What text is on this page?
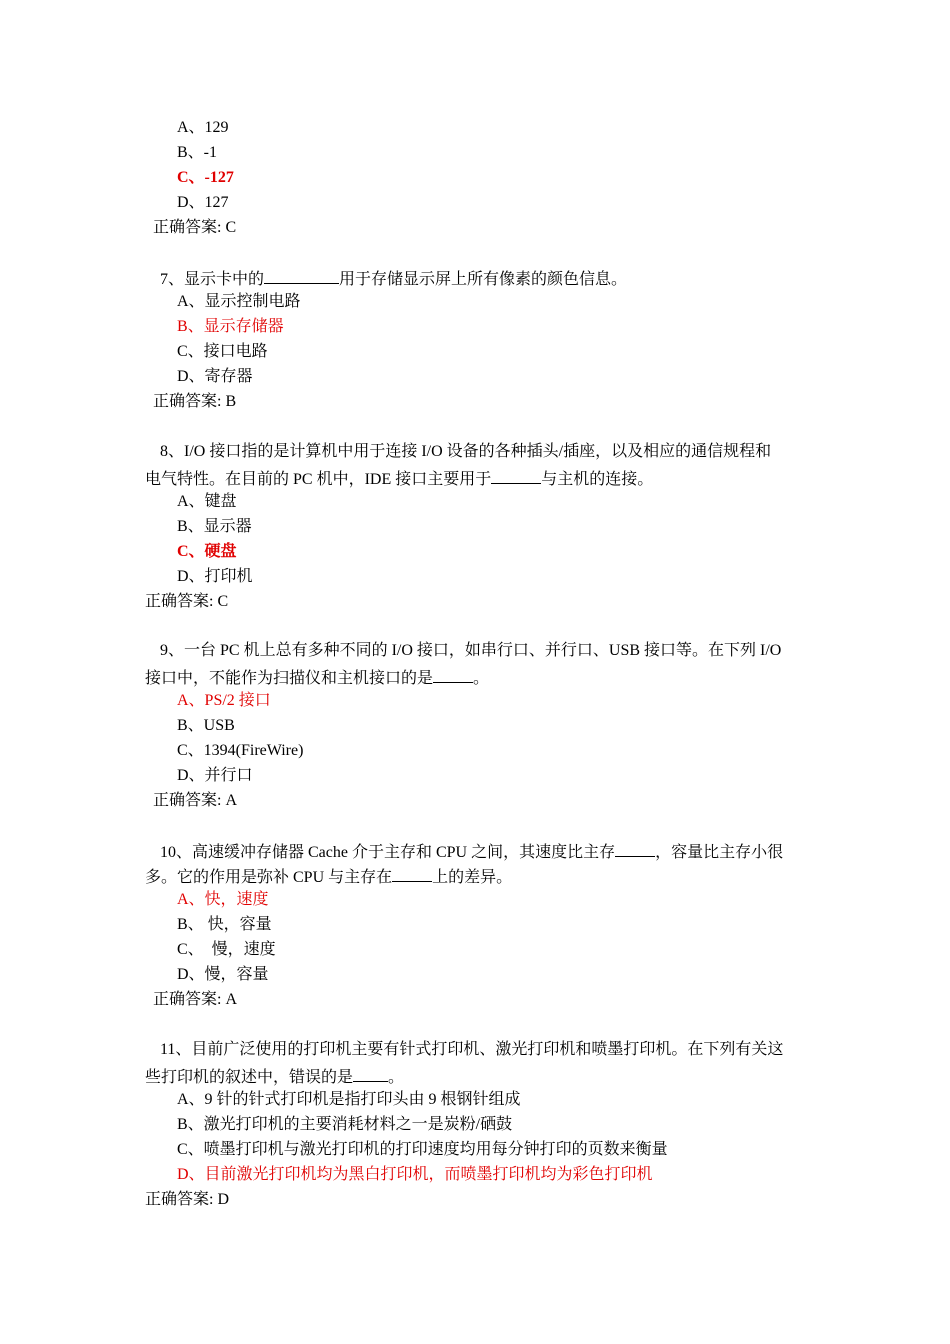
A、129
B、-1
C、-127
D、127
正确答案: C
7、显示卡中的	用于存储显示屏上所有像素的颜色信息。
A、显示控制电路
B、显示存储器
C、接口电路
D、寄存器
正确答案: B
8、I/O 接口指的是计算机中用于连接 I/O 设备的各种插头/插座，以及相应的通信规程和
电气特性。在目前的 PC 机中，IDE 接口主要用于	与主机的连接。
A、键盘
B、显示器
C、硬盘
D、打印机
正确答案: C
9、一台 PC 机上总有多种不同的 I/O 接口，如串行口、并行口、USB 接口等。在下列 I/O
接口中，不能作为扫描仪和主机接口的是	。
A、PS/2 接口
B、USB
C、1394(FireWire)
D、并行口
正确答案: A
10、高速缓冲存储器 Cache 介于主存和 CPU 之间，其速度比主存	，容量比主存小很
多。它的作用是弥补 CPU 与主存在	上的差异。
A、快，速度
B、 快，容量
C、  慢，速度
D、慢，容量
正确答案: A
11、目前广泛使用的打印机主要有针式打印机、激光打印机和喷墨打印机。在下列有关这
些打印机的叙述中，错误的是 。
A、9 针的针式打印机是指打印头由 9 根钢针组成
B、激光打印机的主要消耗材料之一是炭粉/硒鼓
C、喷墨打印机与激光打印机的打印速度均用每分钟打印的页数来衡量
D、目前激光打印机均为黑白打印机，而喷墨打印机均为彩色打印机
正确答案: D
